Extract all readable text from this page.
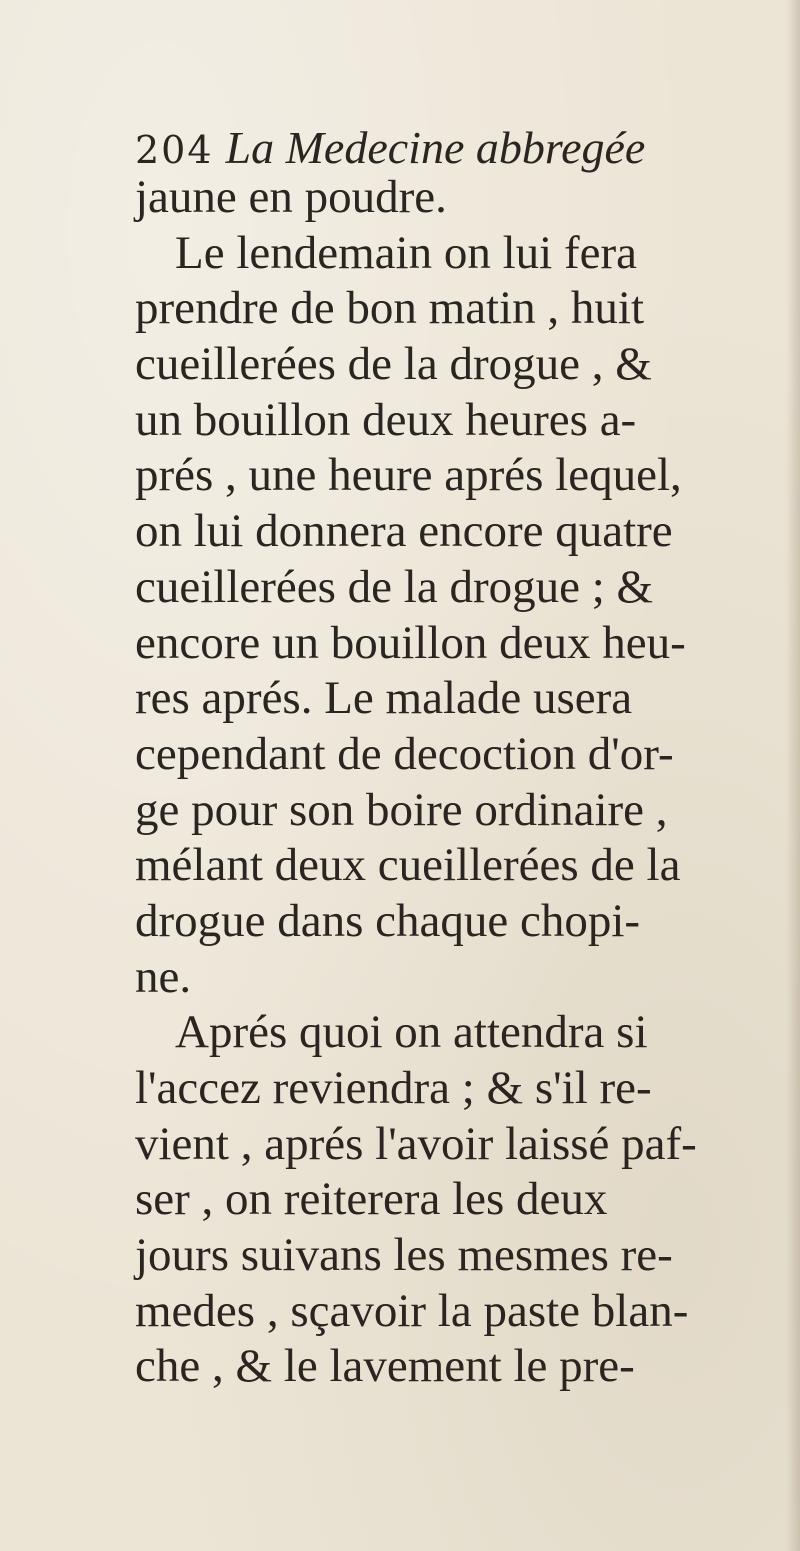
204 La Medecine abbregée
jaune en poudre.
Le lendemain on lui fera
prendre de bon matin , huit
cueillerées de la drogue , &
un bouillon deux heures a-
prés , une heure aprés lequel,
on lui donnera encore quatre
cueillerées de la drogue ; &
encore un bouillon deux heu-
res aprés. Le malade usera
cependant de decoction d'or-
ge pour son boire ordinaire ,
mélant deux cueillerées de la
drogue dans chaque chopi-
ne.
Aprés quoi on attendra si
l'accez reviendra ; & s'il re-
vient , aprés l'avoir laissé paf-
ser , on reiterera les deux
jours suivans les mesmes re-
medes , sçavoir la paste blan-
che , & le lavement le pre-
